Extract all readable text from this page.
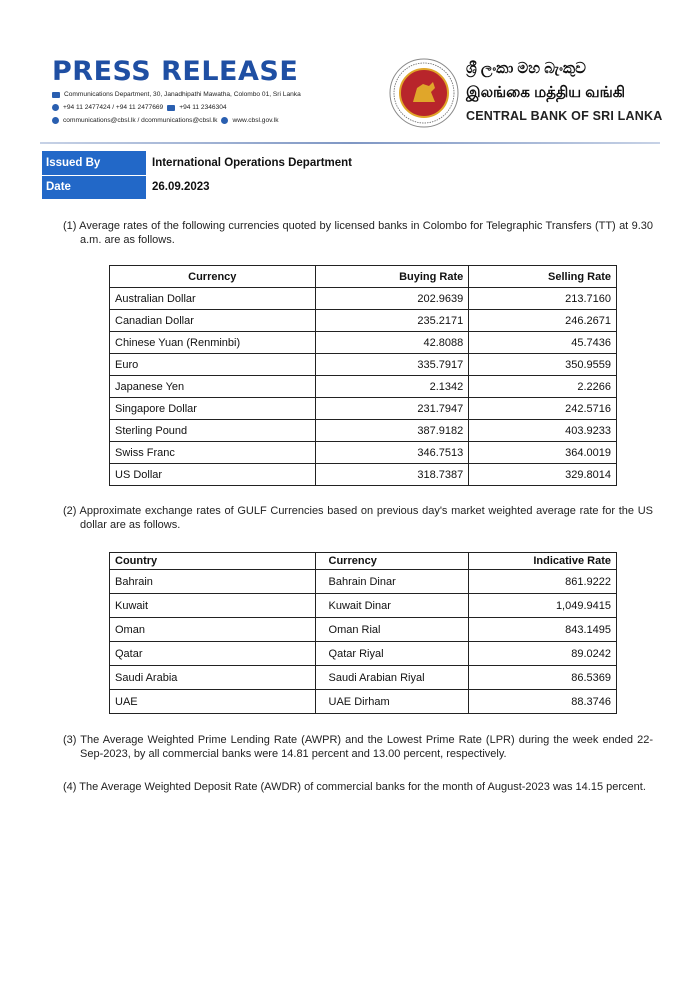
PRESS RELEASE
Communications Department, 30, Janadhipathi Mawatha, Colombo 01, Sri Lanka
+94 11 2477424 / +94 11 2477669 +94 11 2346304
communications@cbsl.lk / dcommunications@cbsl.lk www.cbsl.gov.lk
ශ්‍රී ලංකා මහ බැංකුව
இலங்கை மத்திய வங்கி
CENTRAL BANK OF SRI LANKA
Issued By	International Operations Department
Date	26.09.2023
(1) Average rates of the following currencies quoted by licensed banks in Colombo for Telegraphic Transfers (TT) at 9.30 a.m. are as follows.
Currency	Buying Rate	Selling Rate
Australian Dollar	202.9639	213.7160
Canadian Dollar	235.2171	246.2671
Chinese Yuan (Renminbi)	42.8088	45.7436
Euro	335.7917	350.9559
Japanese Yen	2.1342	2.2266
Singapore Dollar	231.7947	242.5716
Sterling Pound	387.9182	403.9233
Swiss Franc	346.7513	364.0019
US Dollar	318.7387	329.8014
(2) Approximate exchange rates of GULF Currencies based on previous day's market weighted average rate for the US dollar are as follows.
Country	Currency	Indicative Rate
Bahrain	Bahrain Dinar	861.9222
Kuwait	Kuwait Dinar	1,049.9415
Oman	Oman Rial	843.1495
Qatar	Qatar Riyal	89.0242
Saudi Arabia	Saudi Arabian Riyal	86.5369
UAE	UAE Dirham	88.3746
(3) The Average Weighted Prime Lending Rate (AWPR) and the Lowest Prime Rate (LPR) during the week ended 22-Sep-2023, by all commercial banks were 14.81 percent and 13.00 percent, respectively.
(4) The Average Weighted Deposit Rate (AWDR) of commercial banks for the month of August-2023 was 14.15 percent.
